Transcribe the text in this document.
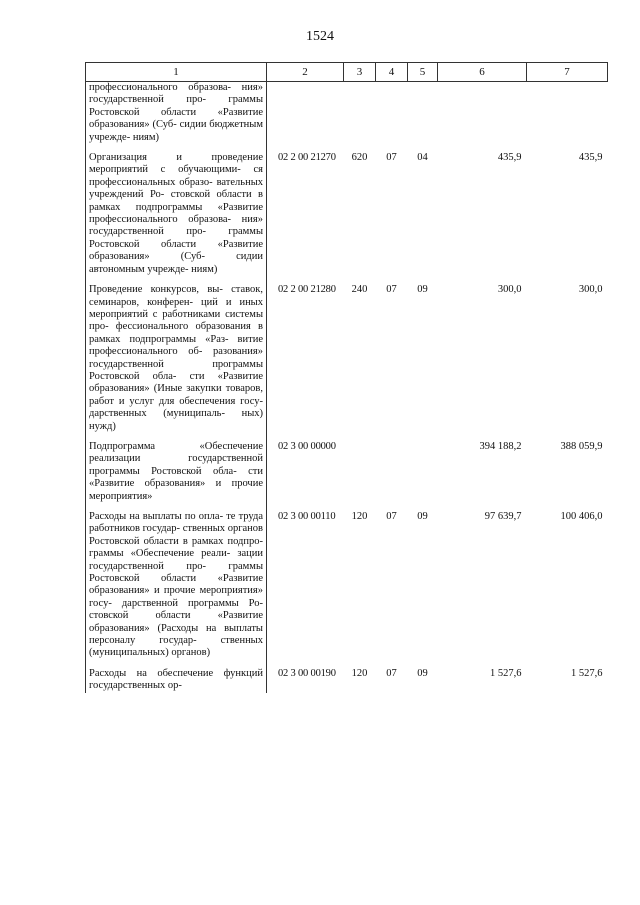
1524
1	2	3	4	5	6	7
профессионального образова- ния» государственной про- граммы Ростовской области «Развитие образования» (Суб- сидии бюджетным учрежде- ниям)						

Организация и проведение мероприятий с обучающими- ся профессиональных образо- вательных учреждений Ро- стовской области в рамках подпрограммы «Развитие профессионального образова- ния» государственной про- граммы Ростовской области «Развитие образования» (Суб- сидии автономным учрежде- ниям)	02 2 00 21270	620	07	04	435,9	435,9

Проведение конкурсов, вы- ставок, семинаров, конферен- ций и иных мероприятий с работниками системы про- фессионального образования в рамках подпрограммы «Раз- витие профессионального об- разования» государственной программы Ростовской обла- сти «Развитие образования» (Иные закупки товаров, работ и услуг для обеспечения госу- дарственных (муниципаль- ных) нужд)	02 2 00 21280	240	07	09	300,0	300,0

Подпрограмма «Обеспечение реализации государственной программы Ростовской обла- сти «Развитие образования» и прочие мероприятия»	02 3 00 00000				394 188,2	388 059,9

Расходы на выплаты по опла- те труда работников государ- ственных органов Ростовской области в рамках подпро- граммы «Обеспечение реали- зации государственной про- граммы Ростовской области «Развитие образования» и прочие мероприятия» госу- дарственной программы Ро- стовской области «Развитие образования» (Расходы на выплаты персоналу государ- ственных (муниципальных) органов)	02 3 00 00110	120	07	09	97 639,7	100 406,0

Расходы на обеспечение функций государственных ор-	02 3 00 00190	120	07	09	1 527,6	1 527,6
